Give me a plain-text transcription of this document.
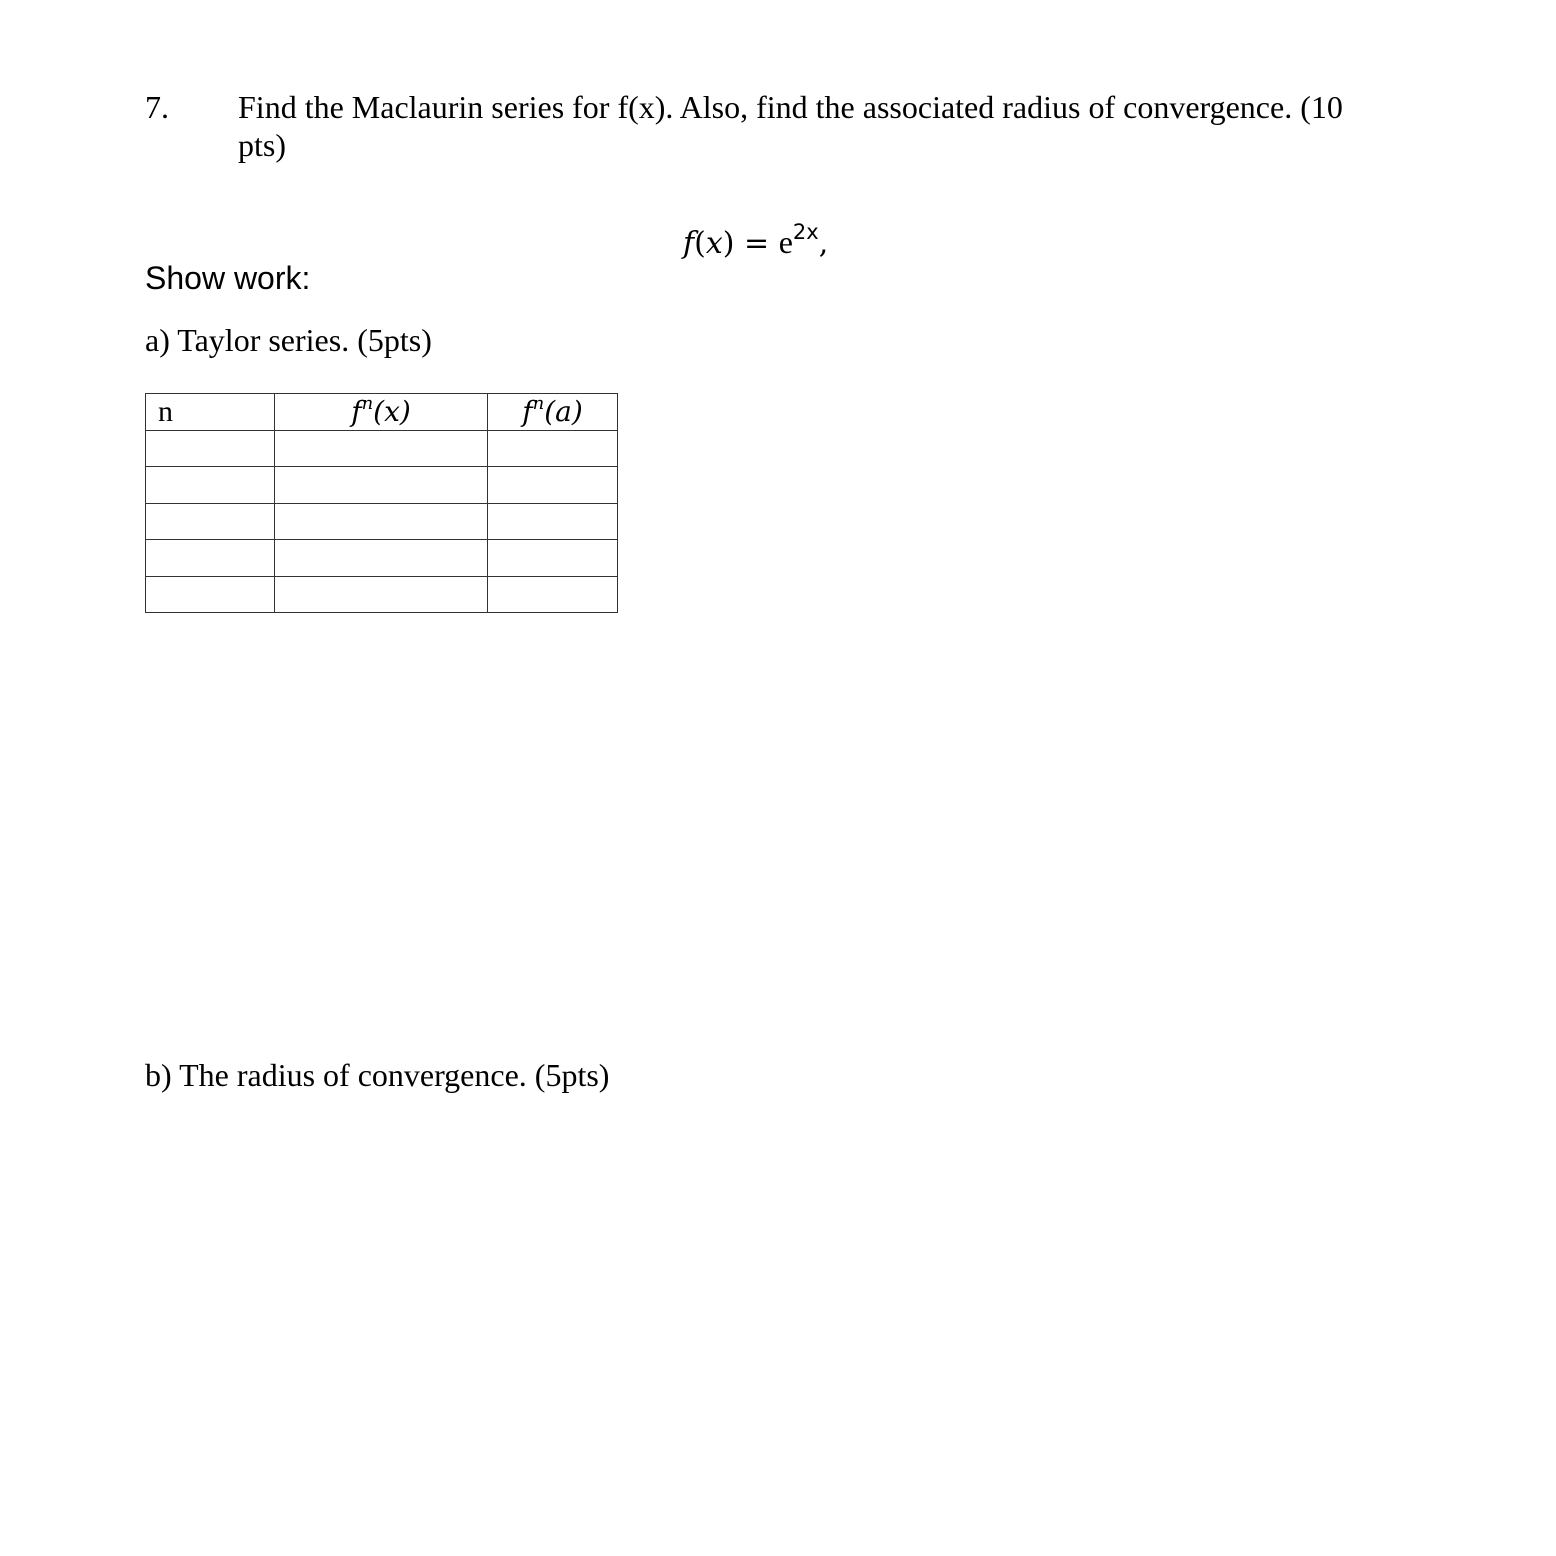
7. Find the Maclaurin series for f(x). Also, find the associated radius of convergence. (10 pts)
$f(x) = e^{2x}$,
Show work:
a) Taylor series. (5pts)
n	$f^n(x)$	$f^n(a)$

b) The radius of convergence. (5pts)
